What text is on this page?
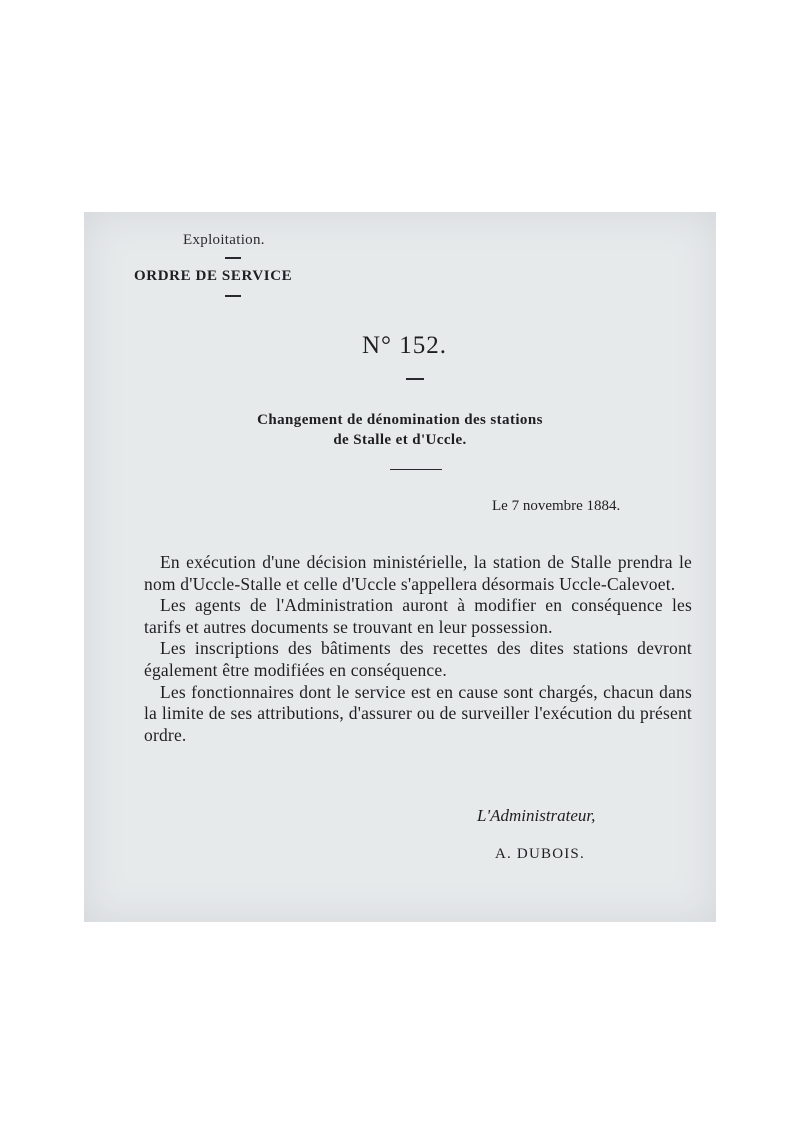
Exploitation.
ORDRE DE SERVICE
N° 152.
Changement de dénomination des stations
de Stalle et d'Uccle.
Le 7 novembre 1884.

En exécution d'une décision ministérielle, la station de Stalle prendra le nom d'Uccle-Stalle et celle d'Uccle s'appellera désormais Uccle-Calevoet.

Les agents de l'Administration auront à modifier en conséquence les tarifs et autres documents se trouvant en leur possession.

Les inscriptions des bâtiments des recettes des dites stations devront également être modifiées en conséquence.

Les fonctionnaires dont le service est en cause sont chargés, chacun dans la limite de ses attributions, d'assurer ou de surveiller l'exécution du présent ordre.

L'Administrateur,
A. DUBOIS.
